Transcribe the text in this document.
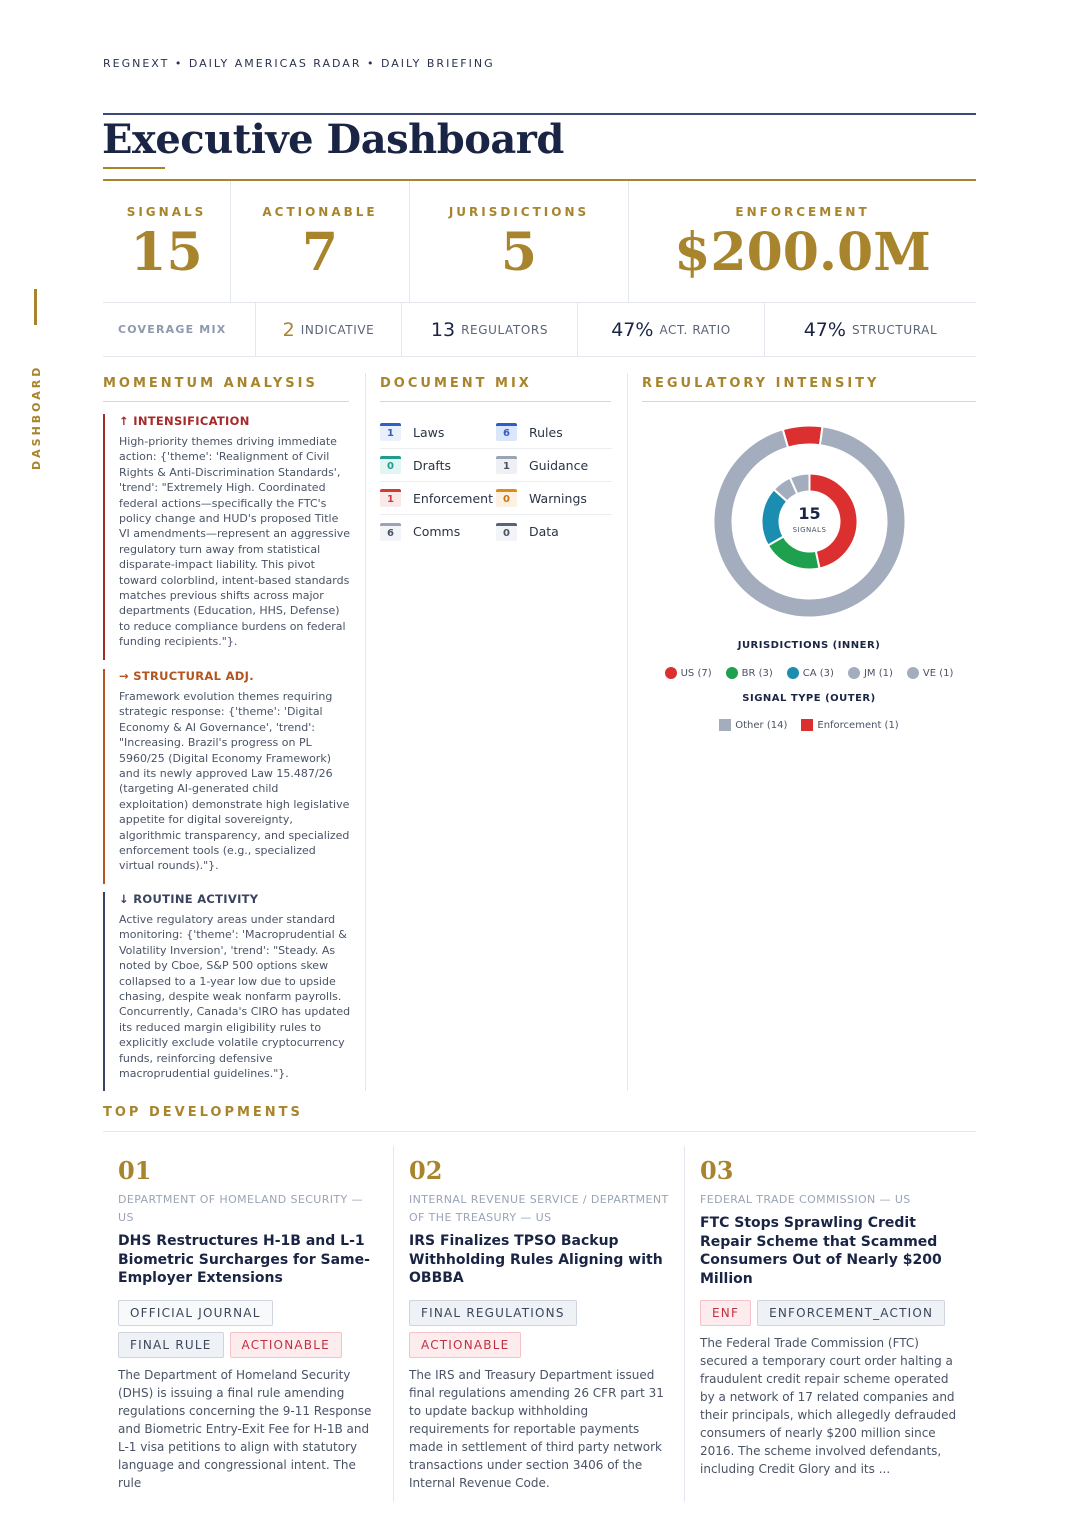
DASHBOARD
REGNEXT • DAILY AMERICAS RADAR • DAILY BRIEFING
Executive Dashboard
SIGNALS
15
ACTIONABLE
7
JURISDICTIONS
5
ENFORCEMENT
$200.0M
COVERAGE MIX	2 INDICATIVE	13 REGULATORS	47% ACT. RATIO	47% STRUCTURAL
MOMENTUM ANALYSIS	DOCUMENT MIX	REGULATORY INTENSITY
↑ INTENSIFICATION
High-priority themes driving immediate action: {'theme': 'Realignment of Civil Rights & Anti-Discrimination Standards', 'trend': "Extremely High. Coordinated federal actions—specifically the FTC's policy change and HUD's proposed Title VI amendments—represent an aggressive regulatory turn away from statistical disparate-impact liability. This pivot toward colorblind, intent-based standards matches previous shifts across major departments (Education, HHS, Defense) to reduce compliance burdens on federal funding recipients."}.
→ STRUCTURAL ADJ.
Framework evolution themes requiring strategic response: {'theme': 'Digital Economy & AI Governance', 'trend': "Increasing. Brazil's progress on PL 5960/25 (Digital Economy Framework) and its newly approved Law 15.487/26 (targeting AI-generated child exploitation) demonstrate high legislative appetite for digital sovereignty, algorithmic transparency, and specialized enforcement tools (e.g., specialized virtual rounds)."}.
↓ ROUTINE ACTIVITY
Active regulatory areas under standard monitoring: {'theme': 'Macroprudential & Volatility Inversion', 'trend': "Steady. As noted by Cboe, S&P 500 options skew collapsed to a 1-year low due to upside chasing, despite weak nonfarm payrolls. Concurrently, Canada's CIRO has updated its reduced margin eligibility rules to explicitly exclude volatile cryptocurrency funds, reinforcing defensive macroprudential guidelines."}.
1	Laws	6	Rules
0	Drafts	1	Guidance
1	Enforcement	0	Warnings
6	Comms	0	Data
15
SIGNALS
JURISDICTIONS (INNER)
US (7)	BR (3)	CA (3)	JM (1)	VE (1)
SIGNAL TYPE (OUTER)
Other (14)	Enforcement (1)
TOP DEVELOPMENTS
01
DEPARTMENT OF HOMELAND SECURITY — US
DHS Restructures H-1B and L-1 Biometric Surcharges for Same-Employer Extensions
OFFICIAL JOURNAL
FINAL RULE	ACTIONABLE
The Department of Homeland Security (DHS) is issuing a final rule amending regulations concerning the 9-11 Response and Biometric Entry-Exit Fee for H-1B and L-1 visa petitions to align with statutory language and congressional intent. The rule
02
INTERNAL REVENUE SERVICE / DEPARTMENT OF THE TREASURY — US
IRS Finalizes TPSO Backup Withholding Rules Aligning with OBBBA
FINAL REGULATIONS
ACTIONABLE
The IRS and Treasury Department issued final regulations amending 26 CFR part 31 to update backup withholding requirements for reportable payments made in settlement of third party network transactions under section 3406 of the Internal Revenue Code.
03
FEDERAL TRADE COMMISSION — US
FTC Stops Sprawling Credit Repair Scheme that Scammed Consumers Out of Nearly $200 Million
ENF	ENFORCEMENT_ACTION
The Federal Trade Commission (FTC) secured a temporary court order halting a fraudulent credit repair scheme operated by a network of 17 related companies and their principals, which allegedly defrauded consumers of nearly $200 million since 2016. The scheme involved defendants, including Credit Glory and its ...
